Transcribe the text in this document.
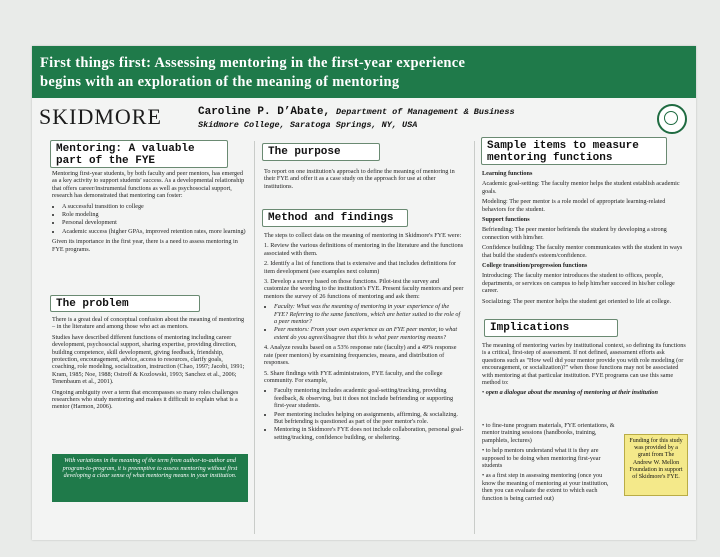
First things first: Assessing mentoring in the first-year experience
begins with an exploration of the meaning of mentoring
SKIDMORE	Caroline P. D’Abate, Department of Management & Business
Skidmore College, Saratoga Springs, NY, USA
Mentoring: A valuable part of the FYE

Mentoring first-year students, by both faculty and peer mentors, has emerged as a key activity to support students' success. As a developmental relationship that offers career/instrumental functions as well as psychosocial support, research has demonstrated that mentoring can foster:

• A successful transition to college
• Role modeling
• Personal development
• Academic success (higher GPAs, improved retention rates, more learning)

Given its importance in the first year, there is a need to assess mentoring in FYE programs.

The problem

There is a great deal of conceptual confusion about the meaning of mentoring – in the literature and among those who act as mentors.

Studies have described different functions of mentoring including career development, psychosocial support, sharing expertise, providing direction, building competence, skill development, giving feedback, friendship, protection, encouragement, advice, access to resources, clarify goals, coaching, role modeling, socialization, instruction (Chao, 1997; Jacobi, 1991; Kram, 1985; Noe, 1988; Ostroff & Kozlowski, 1993; Sanchez et al., 2006; Tenenbaum et al., 2001).

Ongoing ambiguity over a term that encompasses so many roles challenges researchers who study mentoring and makes it difficult to explain what is a mentor (Harmon, 2006).

With variations in the meaning of the term from author-to-author and program-to-program, it is preemptive to assess mentoring without first developing a clear sense of what mentoring means in your institution.
The purpose

To report on one institution's approach to define the meaning of mentoring in their FYE and offer it as a case study on the approach for use at other institutions.

Method and findings

The steps to collect data on the meaning of mentoring in Skidmore's FYE were:

1. Review the various definitions of mentoring in the literature and the functions associated with them.

2. Identify a list of functions that is extensive and that includes definitions for item development (see examples next column)

3. Develop a survey based on those functions. Pilot-test the survey and customize the wording to the institution's FYE. Present faculty mentors and peer mentors the survey of 26 functions of mentoring and ask them:

• Faculty: What was the meaning of mentoring in your experience of the FYE? Referring to the same functions, which are better suited to the role of a peer mentor?
• Peer mentors: From your own experience as an FYE peer mentor, to what extent do you agree/disagree that this is what peer mentoring means?

4. Analyze results based on a 53% response rate (faculty) and a 49% response rate (peer mentors) by examining frequencies, means, and distribution of responses.

5. Share findings with FYE administrators, FYE faculty, and the college community. For example,

• Faculty mentoring includes academic goal-setting/tracking, providing feedback, & observing, but it does not include befriending or supporting first-year students.
• Peer mentoring includes helping on assignments, affirming, & socializing. But befriending is questioned as part of the peer mentor's role.
• Mentoring in Skidmore's FYE does not include collaboration, personal goal-setting/tracking, confidence building, or sheltering.
Sample items to measure mentoring functions

Learning functions

Academic goal-setting: The faculty mentor helps the student establish academic goals.

Modeling: The peer mentor is a role model of appropriate learning-related behaviors for the student.

Support functions

Befriending: The peer mentor befriends the student by developing a strong connection with him/her.

Confidence building: The faculty mentor communicates with the student in ways that build the student's esteem/confidence.

College transition/progression functions

Introducing: The faculty mentor introduces the student to offices, people, departments, or services on campus to help him/her succeed in his/her college career.

Socializing: The peer mentor helps the student get oriented to life at college.

Implications

The meaning of mentoring varies by institutional context, so defining its functions is a critical, first-step of assessment. If not defined, assessment efforts ask questions such as "How well did your mentor provide you with role modeling (or encouragement, or socialization)?" when those functions may not be associated with mentoring at that particular institution. FYE programs can use this same method to:

• open a dialogue about the meaning of mentoring at their institution

• to fine-tune program materials, FYE orientations, & mentor training sessions (handbooks, training, pamphlets, lectures)

• to help mentors understand what it is they are supposed to be doing when mentoring first-year students

• as a first step in assessing mentoring (once you know the meaning of mentoring at your institution, then you can evaluate the extent to which each function is being carried out)

Funding for this study was provided by a grant from The Andrew W. Mellon Foundation in support of Skidmore's FYE.
